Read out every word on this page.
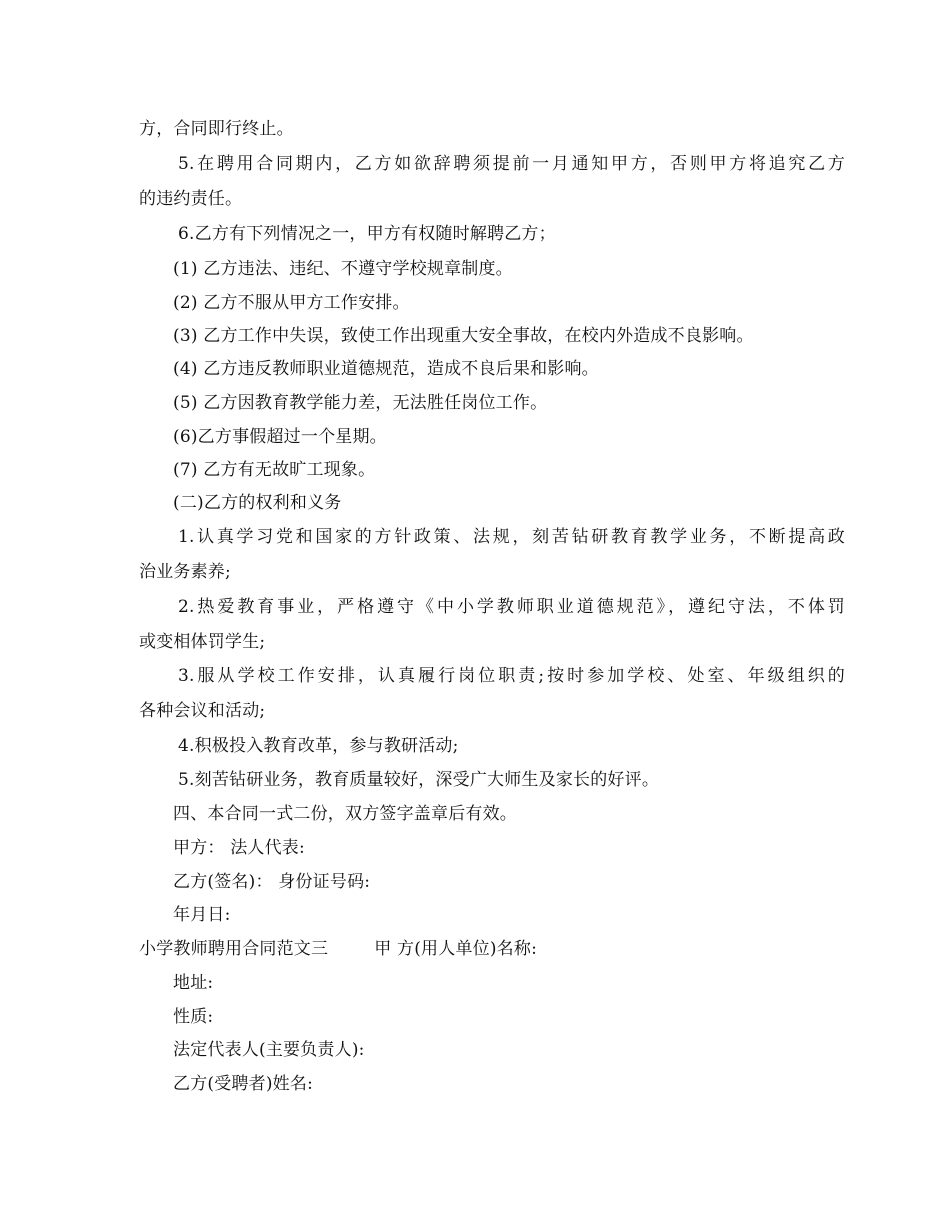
方，合同即行终止。
5.在聘用合同期内，乙方如欲辞聘须提前一月通知甲方，否则甲方将追究乙方
的违约责任。
6.乙方有下列情况之一，甲方有权随时解聘乙方；
(1) 乙方违法、违纪、不遵守学校规章制度。
(2) 乙方不服从甲方工作安排。
(3) 乙方工作中失误，致使工作出现重大安全事故，在校内外造成不良影响。
(4) 乙方违反教师职业道德规范，造成不良后果和影响。
(5) 乙方因教育教学能力差，无法胜任岗位工作。
(6)乙方事假超过一个星期。
(7) 乙方有无故旷工现象。
(二)乙方的权利和义务
1.认真学习党和国家的方针政策、法规，刻苦钻研教育教学业务，不断提高政
治业务素养;
2.热爱教育事业，严格遵守《中小学教师职业道德规范》，遵纪守法，不体罚
或变相体罚学生;
3.服从学校工作安排，认真履行岗位职责;按时参加学校、处室、年级组织的
各种会议和活动;
4.积极投入教育改革，参与教研活动;
5.刻苦钻研业务，教育质量较好，深受广大师生及家长的好评。
四、本合同一式二份，双方签字盖章后有效。
甲方： 法人代表:
乙方(签名)： 身份证号码:
年月日:
小学教师聘用合同范文三	甲 方(用人单位)名称:
地址:
性质:
法定代表人(主要负责人):
乙方(受聘者)姓名:
